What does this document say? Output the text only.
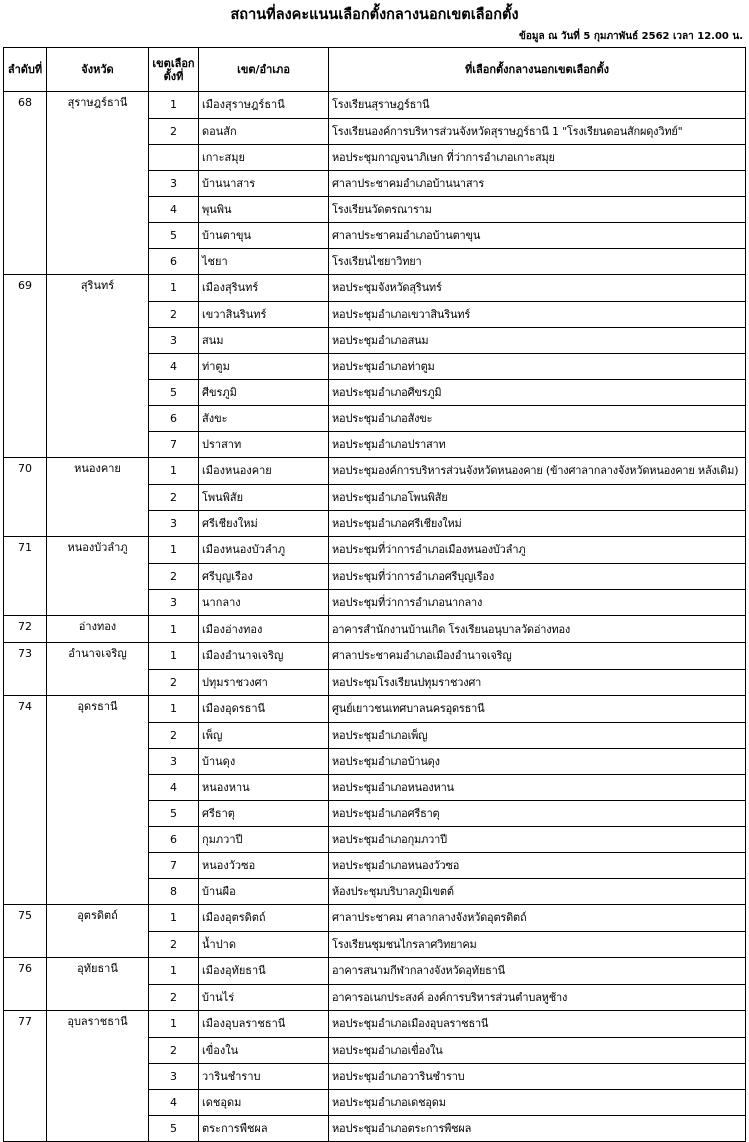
สถานที่ลงคะแนนเลือกตั้งกลางนอกเขตเลือกตั้ง
ข้อมูล ณ วันที่ 5 กุมภาพันธ์ 2562 เวลา 12.00 น.
ลำดับที่	จังหวัด	เขตเลือกตั้งที่	เขต/อำเภอ	ที่เลือกตั้งกลางนอกเขตเลือกตั้ง
68	สุราษฎร์ธานี	1	เมืองสุราษฎร์ธานี	โรงเรียนสุราษฎร์ธานี
		2	ดอนสัก	โรงเรียนองค์การบริหารส่วนจังหวัดสุราษฎร์ธานี 1 "โรงเรียนดอนสักผดุงวิทย์"
			เกาะสมุย	หอประชุมกาญจนาภิเษก ที่ว่าการอำเภอเกาะสมุย
		3	บ้านนาสาร	ศาลาประชาคมอำเภอบ้านนาสาร
		4	พุนพิน	โรงเรียนวัดตรณาราม
		5	บ้านตาขุน	ศาลาประชาคมอำเภอบ้านตาขุน
		6	ไชยา	โรงเรียนไชยาวิทยา
69	สุรินทร์	1	เมืองสุรินทร์	หอประชุมจังหวัดสุรินทร์
		2	เขวาสินรินทร์	หอประชุมอำเภอเขวาสินรินทร์
		3	สนม	หอประชุมอำเภอสนม
		4	ท่าตูม	หอประชุมอำเภอท่าตูม
		5	ศีขรภูมิ	หอประชุมอำเภอศีขรภูมิ
		6	สังขะ	หอประชุมอำเภอสังขะ
		7	ปราสาท	หอประชุมอำเภอปราสาท
70	หนองคาย	1	เมืองหนองคาย	หอประชุมองค์การบริหารส่วนจังหวัดหนองคาย (ข้างศาลากลางจังหวัดหนองคาย หลังเดิม)
		2	โพนพิสัย	หอประชุมอำเภอโพนพิสัย
		3	ศรีเชียงใหม่	หอประชุมอำเภอศรีเชียงใหม่
71	หนองบัวลำภู	1	เมืองหนองบัวลำภู	หอประชุมที่ว่าการอำเภอเมืองหนองบัวลำภู
		2	ศรีบุญเรือง	หอประชุมที่ว่าการอำเภอศรีบุญเรือง
		3	นากลาง	หอประชุมที่ว่าการอำเภอนากลาง
72	อ่างทอง	1	เมืองอ่างทอง	อาคารสำนักงานบ้านเกิด โรงเรียนอนุบาลวัดอ่างทอง
73	อำนาจเจริญ	1	เมืองอำนาจเจริญ	ศาลาประชาคมอำเภอเมืองอำนาจเจริญ
		2	ปทุมราชวงศา	หอประชุมโรงเรียนปทุมราชวงศา
74	อุดรธานี	1	เมืองอุดรธานี	ศูนย์เยาวชนเทศบาลนครอุดรธานี
		2	เพ็ญ	หอประชุมอำเภอเพ็ญ
		3	บ้านดุง	หอประชุมอำเภอบ้านดุง
		4	หนองหาน	หอประชุมอำเภอหนองหาน
		5	ศรีธาตุ	หอประชุมอำเภอศรีธาตุ
		6	กุมภวาปี	หอประชุมอำเภอกุมภวาปี
		7	หนองวัวซอ	หอประชุมอำเภอหนองวัวซอ
		8	บ้านผือ	ห้องประชุมบริบาลภูมิเขตต์
75	อุตรดิตถ์	1	เมืองอุตรดิตถ์	ศาลาประชาคม ศาลากลางจังหวัดอุตรดิตถ์
		2	น้ำปาด	โรงเรียนชุมชนไกรลาศวิทยาคม
76	อุทัยธานี	1	เมืองอุทัยธานี	อาคารสนามกีฬากลางจังหวัดอุทัยธานี
		2	บ้านไร่	อาคารอเนกประสงค์ องค์การบริหารส่วนตำบลหูช้าง
77	อุบลราชธานี	1	เมืองอุบลราชธานี	หอประชุมอำเภอเมืองอุบลราชธานี
		2	เขื่องใน	หอประชุมอำเภอเขื่องใน
		3	วารินชำราบ	หอประชุมอำเภอวารินชำราบ
		4	เดชอุดม	หอประชุมอำเภอเดชอุดม
		5	ตระการพืชผล	หอประชุมอำเภอตระการพืชผล
